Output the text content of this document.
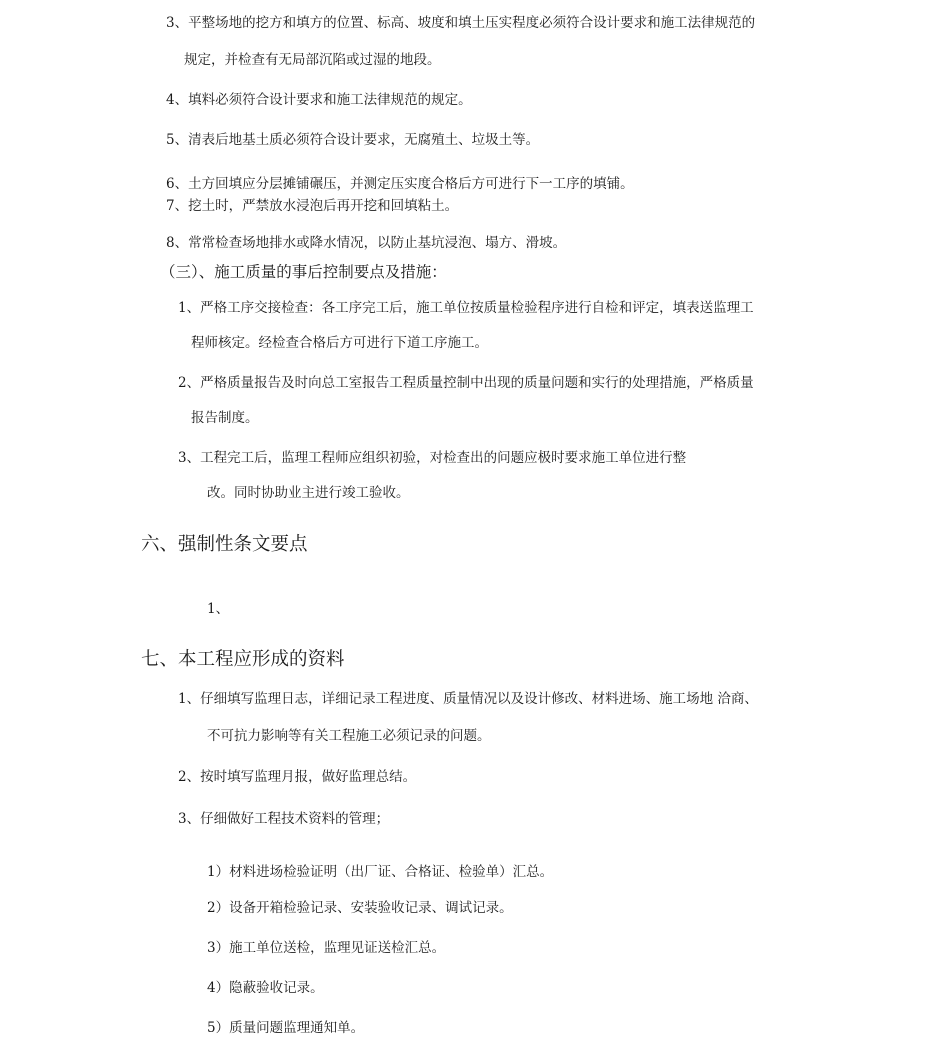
3、平整场地的挖方和填方的位置、标高、坡度和填土压实程度必须符合设计要求和施工法律规范的
规定，并检查有无局部沉陷或过湿的地段。
4、填料必须符合设计要求和施工法律规范的规定。
5、清表后地基土质必须符合设计要求，无腐殖土、垃圾土等。
6、土方回填应分层摊铺碾压，并测定压实度合格后方可进行下一工序的填铺。
7、挖土时，严禁放水浸泡后再开挖和回填粘土。
8、常常检查场地排水或降水情况，以防止基坑浸泡、塌方、滑坡。
（三）、施工质量的事后控制要点及措施：
1、严格工序交接检查：各工序完工后，施工单位按质量检验程序进行自检和评定，填表送监理工
程师核定。经检查合格后方可进行下道工序施工。
2、严格质量报告及时向总工室报告工程质量控制中出现的质量问题和实行的处理措施，严格质量
报告制度。
3、工程完工后，监理工程师应组织初验，对检查出的问题应极时要求施工单位进行整
改。同时协助业主进行竣工验收。
六、强制性条文要点
1、
七、本工程应形成的资料
1、仔细填写监理日志，详细记录工程进度、质量情况以及设计修改、材料进场、施工场地 洽商、
不可抗力影响等有关工程施工必须记录的问题。
2、按时填写监理月报，做好监理总结。
3、仔细做好工程技术资料的管理；
1）材料进场检验证明（出厂证、合格证、检验单）汇总。
2）设备开箱检验记录、安装验收记录、调试记录。
3）施工单位送检，监理见证送检汇总。
4）隐蔽验收记录。
5）质量问题监理通知单。
